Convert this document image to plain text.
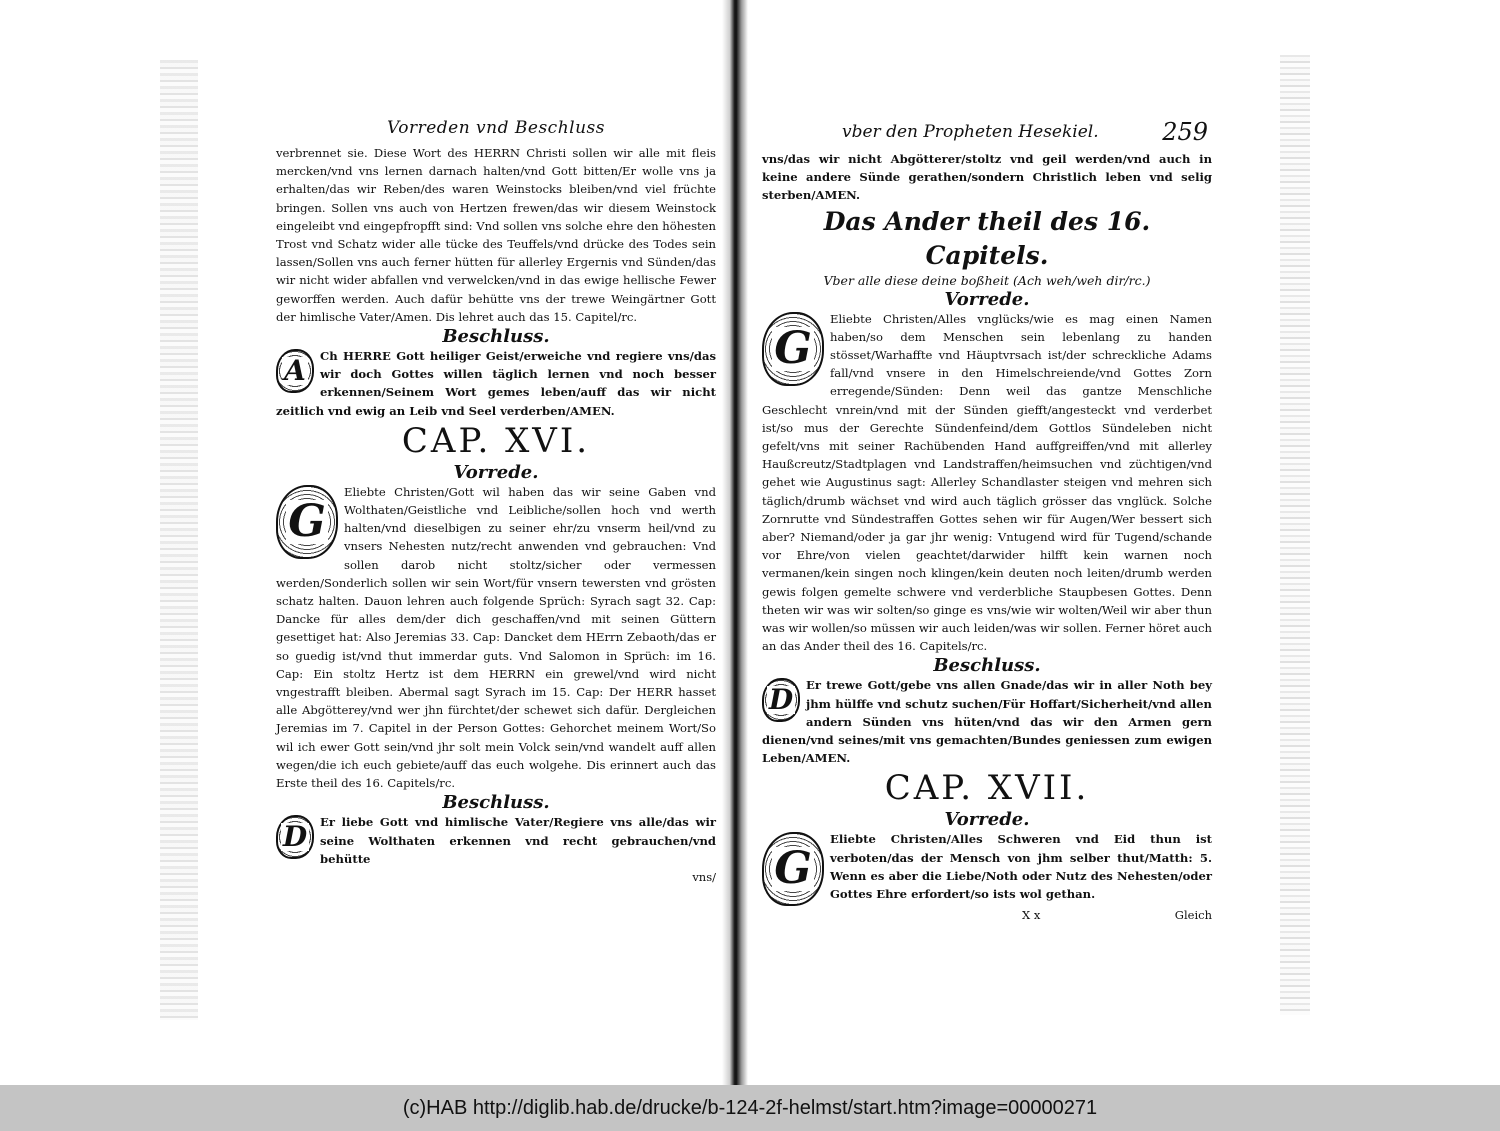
Vorreden vnd Beschluss

verbrennet sie. Diese Wort des HERRN Christi sollen wir alle mit fleis mercken/vnd vns lernen darnach halten/vnd Gott bitten/Er wolle vns ja erhalten/das wir Reben/des waren Weinstocks bleiben/vnd viel früchte bringen. Sollen vns auch von Hertzen frewen/das wir diesem Weinstock eingeleibt vnd eingepfropfft sind: Vnd sollen vns solche ehre den höhesten Trost vnd Schatz wider alle tücke des Teuffels/vnd drücke des Todes sein lassen/Sollen vns auch ferner hütten für allerley Ergernis vnd Sünden/das wir nicht wider abfallen vnd verwelcken/vnd in das ewige hellische Fewer geworffen werden. Auch dafür behütte vns der trewe Weingärtner Gott der himlische Vater/Amen. Dis lehret auch das 15. Capitel/rc.

Beschluss.

A	Ch HERRE Gott heiliger Geist/erweiche vnd regiere vns/das wir doch Gottes willen täglich lernen vnd noch besser erkennen/Seinem Wort gemes leben/auff das wir nicht zeitlich vnd ewig an Leib vnd Seel verderben/AMEN.

CAP. XVI.

Vorrede.

G

Eliebte Christen/Gott wil haben das wir seine Gaben vnd Wolthaten/Geistliche vnd Leibliche/sollen hoch vnd werth halten/vnd dieselbigen zu seiner ehr/zu vnserm heil/vnd zu vnsers Nehesten nutz/recht anwenden vnd gebrauchen: Vnd sollen darob nicht stoltz/sicher oder vermessen werden/Sonderlich sollen wir sein Wort/für vnsern tewersten vnd grösten schatz halten. Dauon lehren auch folgende Sprüch: Syrach sagt 32. Cap: Dancke für alles dem/der dich geschaffen/vnd mit seinen Güttern gesettiget hat: Also Jeremias 33. Cap: Dancket dem HErrn Zebaoth/das er so guedig ist/vnd thut immerdar guts. Vnd Salomon in Sprüch: im 16. Cap: Ein stoltz Hertz ist dem HERRN ein grewel/vnd wird nicht vngestrafft bleiben. Abermal sagt Syrach im 15. Cap: Der HERR hasset alle Abgötterey/vnd wer jhn fürchtet/der schewet sich dafür. Dergleichen Jeremias im 7. Capitel in der Person Gottes: Gehorchet meinem Wort/So wil ich ewer Gott sein/vnd jhr solt mein Volck sein/vnd wandelt auff allen wegen/die ich euch gebiete/auff das euch wolgehe. Dis erinnert auch das Erste theil des 16. Capitels/rc.

Beschluss.

D	Er liebe Gott vnd himlische Vater/Regiere vns alle/das wir seine Wolthaten erkennen vnd recht gebrauchen/vnd behütte

vns/

vber den Propheten Hesekiel.	259

vns/das wir nicht Abgötterer/stoltz vnd geil werden/vnd auch in keine andere Sünde gerathen/sondern Christlich leben vnd selig sterben/AMEN.

Das Ander theil des 16. Capitels.

Vber alle diese deine boßheit (Ach weh/weh dir/rc.)

Vorrede.

G

Eliebte Christen/Alles vnglücks/wie es mag einen Namen haben/so dem Menschen sein lebenlang zu handen stösset/Warhaffte vnd Häuptvrsach ist/der schreckliche Adams fall/vnd vnsere in den Himelschreiende/vnd Gottes Zorn erregende/Sünden: Denn weil das gantze Menschliche Geschlecht vnrein/vnd mit der Sünden giefft/angesteckt vnd verderbet ist/so mus der Gerechte Sündenfeind/dem Gottlos Sündeleben nicht gefelt/vns mit seiner Rachübenden Hand auffgreiffen/vnd mit allerley Haußcreutz/Stadtplagen vnd Landstraffen/heimsuchen vnd züchtigen/vnd gehet wie Augustinus sagt: Allerley Schandlaster steigen vnd mehren sich täglich/drumb wächset vnd wird auch täglich grösser das vnglück. Solche Zornrutte vnd Sündestraffen Gottes sehen wir für Augen/Wer bessert sich aber? Niemand/oder ja gar jhr wenig: Vntugend wird für Tugend/schande vor Ehre/von vielen geachtet/darwider hilfft kein warnen noch vermanen/kein singen noch klingen/kein deuten noch leiten/drumb werden gewis folgen gemelte schwere vnd verderbliche Staupbesen Gottes. Denn theten wir was wir solten/so ginge es vns/wie wir wolten/Weil wir aber thun was wir wollen/so müssen wir auch leiden/was wir sollen. Ferner höret auch an das Ander theil des 16. Capitels/rc.

Beschluss.

D	Er trewe Gott/gebe vns allen Gnade/das wir in aller Noth bey jhm hülffe vnd schutz suchen/Für Hoffart/Sicherheit/vnd allen andern Sünden vns hüten/vnd das wir den Armen gern dienen/vnd seines/mit vns gemachten/Bundes geniessen zum ewigen Leben/AMEN.

CAP. XVII.

Vorrede.

G

Eliebte Christen/Alles Schweren vnd Eid thun ist verboten/das der Mensch von jhm selber thut/Matth: 5. Wenn es aber die Liebe/Noth oder Nutz des Nehesten/oder Gottes Ehre erfordert/so ists wol gethan.

X x	Gleich
(c)HAB http://diglib.hab.de/drucke/b-124-2f-helmst/start.htm?image=00000271
